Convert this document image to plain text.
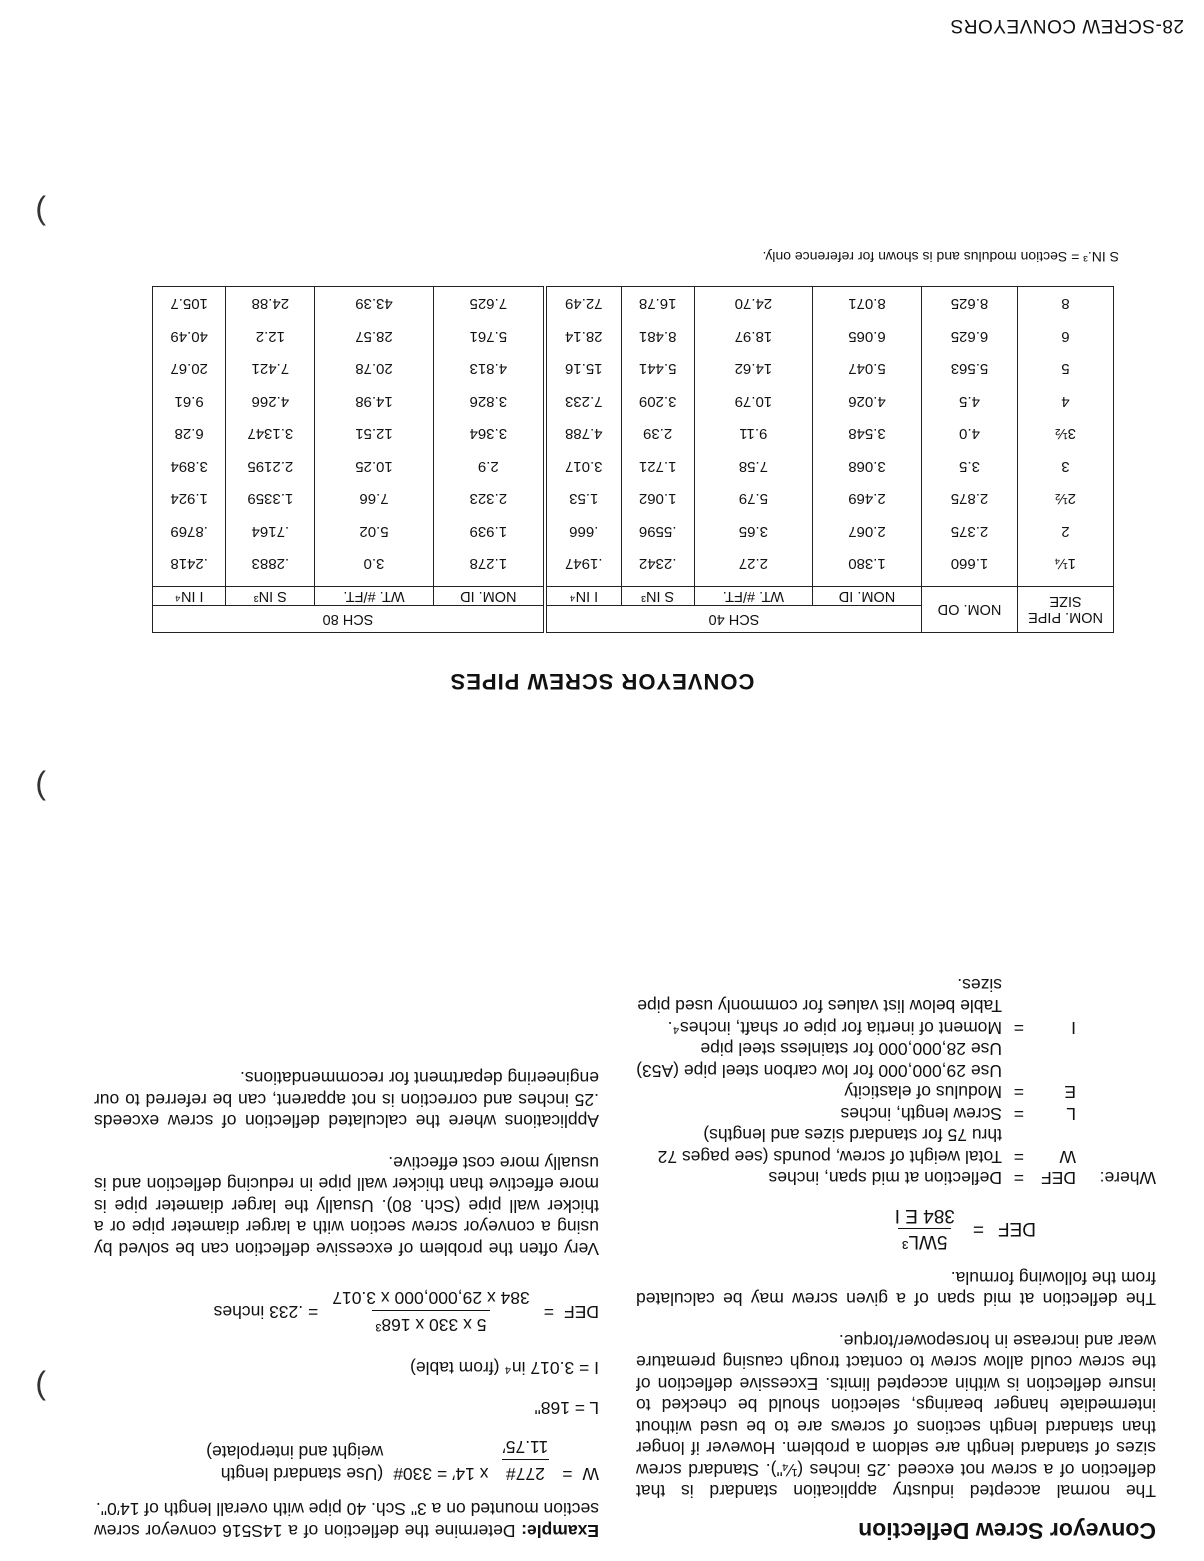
28-SCREW CONVEYORS
Conveyor Screw Deflection

The normal accepted industry application standard is that deflection of a screw not exceed .25 inches (¼"). Standard screw sizes of standard length are seldom a problem. However if longer than standard length sections of screws are to be used without intermediate hanger bearings, selection should be checked to insure deflection is within accepted limits. Excessive deflection of the screw could allow screw to contact trough causing premature wear and increase in horsepower/torque.

The deflection at mid span of a given screw may be calculated from the following formula.

DEF
=
5WL³
384 E I
Where:
DEF
=
Deflection at mid span, inches
W
=
Total weight of screw, pounds (see pages 72 thru 75 for standard sizes and lengths)
L
=
Screw length, inches
E
=
Modulus of elasticity
Use 29,000,000 for low carbon steel pipe (A53)
Use 28,000,000 for stainless steel pipe
I
=
Moment of inertia for pipe or shaft, inches⁴. Table below list values for commonly used pipe sizes.

Example: Determine the deflection of a 14S516 conveyor screw section mounted on a 3" Sch. 40 pipe with overall length of 14′0".

W
=
277#
11.75′
x 14′ = 330#
(Use standard length weight and interpolate)
L = 168"
I = 3.017 in⁴ (from table)
DEF
=
5 x 330 x 168³
384 x 29,000,000 x 3.017
= .233 inches

Very often the problem of excessive deflection can be solved by using a conveyor screw section with a larger diameter pipe or a thicker wall pipe (Sch. 80). Usually the larger diameter pipe is more effective than thicker wall pipe in reducing deflection and is usually more cost effective.

Applications where the calculated deflection of screw exceeds .25 inches and correction is not apparent, can be referred to our engineering department for recommendations.

)
)
)
CONVEYOR SCREW PIPES
NOM. PIPE SIZE	NOM. OD	SCH 40				SCH 80			
		NOM. ID	WT. #/FT.	S IN³	I IN⁴	NOM. ID	WT. #/FT.	S IN³	I IN⁴
1¼	1.660	1.380	2.27	.2342	.1947	1.278	3.0	.2883	.2418
2	2.375	2.067	3.65	.5596	.666	1.939	5.02	.7164	.8769
2½	2.875	2.469	5.79	1.062	1.53	2.323	7.66	1.3359	1.924
3	3.5	3.068	7.58	1.721	3.017	2.9	10.25	2.2195	3.894
3½	4.0	3.548	9.11	2.39	4.788	3.364	12.51	3.1347	6.28
4	4.5	4.026	10.79	3.209	7.233	3.826	14.98	4.266	9.61
5	5.563	5.047	14.62	5.441	15.16	4.813	20.78	7.421	20.67
6	6.625	6.065	18.97	8.481	28.14	5.761	28.57	12.2	40.49
8	8.625	8.071	24.70	16.78	72.49	7.625	43.39	24.88	105.7
S IN.³ = Section modulus and is shown for reference only.
